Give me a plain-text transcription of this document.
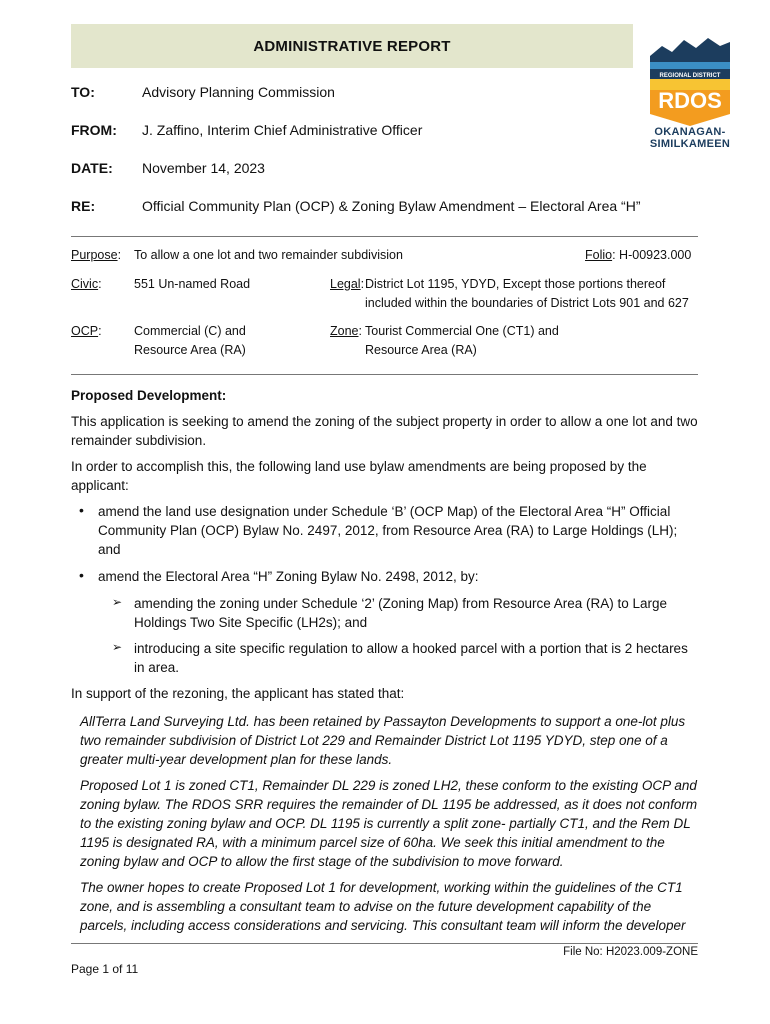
ADMINISTRATIVE REPORT
REGIONAL DISTRICT
RDOS
OKANAGAN-
SIMILKAMEEN
TO:	Advisory Planning Commission
FROM: J. Zaffino, Interim Chief Administrative Officer
DATE: November 14, 2023
RE:	Official Community Plan (OCP) & Zoning Bylaw Amendment – Electoral Area “H”
Purpose: To allow a one lot and two remainder subdivision	Folio: H-00923.000
Civic:	551 Un-named Road	Legal: District Lot 1195, YDYD, Except those portions thereof
included within the boundaries of District Lots 901 and 627
OCP:	Commercial (C) and
Resource Area (RA)
Zone: Tourist Commercial One (CT1) and
Resource Area (RA)
Proposed Development:
This application is seeking to amend the zoning of the subject property in order to allow a one lot and two remainder subdivision.
In order to accomplish this, the following land use bylaw amendments are being proposed by the applicant:
• amend the land use designation under Schedule ‘B’ (OCP Map) of the Electoral Area “H” Official Community Plan (OCP) Bylaw No. 2497, 2012, from Resource Area (RA) to Large Holdings (LH); and
• amend the Electoral Area “H” Zoning Bylaw No. 2498, 2012, by:
➢ amending the zoning under Schedule ‘2’ (Zoning Map) from Resource Area (RA) to Large Holdings Two Site Specific (LH2s); and
➢ introducing a site specific regulation to allow a hooked parcel with a portion that is 2 hectares in area.
In support of the rezoning, the applicant has stated that:
AllTerra Land Surveying Ltd. has been retained by Passayton Developments to support a one-lot plus two remainder subdivision of District Lot 229 and Remainder District Lot 1195 YDYD, step one of a greater multi-year development plan for these lands.
Proposed Lot 1 is zoned CT1, Remainder DL 229 is zoned LH2, these conform to the existing OCP and zoning bylaw. The RDOS SRR requires the remainder of DL 1195 be addressed, as it does not conform to the existing zoning bylaw and OCP. DL 1195 is currently a split zone- partially CT1, and the Rem DL 1195 is designated RA, with a minimum parcel size of 60ha. We seek this initial amendment to the zoning bylaw and OCP to allow the first stage of the subdivision to move forward.
The owner hopes to create Proposed Lot 1 for development, working within the guidelines of the CT1 zone, and is assembling a consultant team to advise on the future development capability of the parcels, including access considerations and servicing. This consultant team will inform the developer
File No: H2023.009-ZONE
Page 1 of 11
